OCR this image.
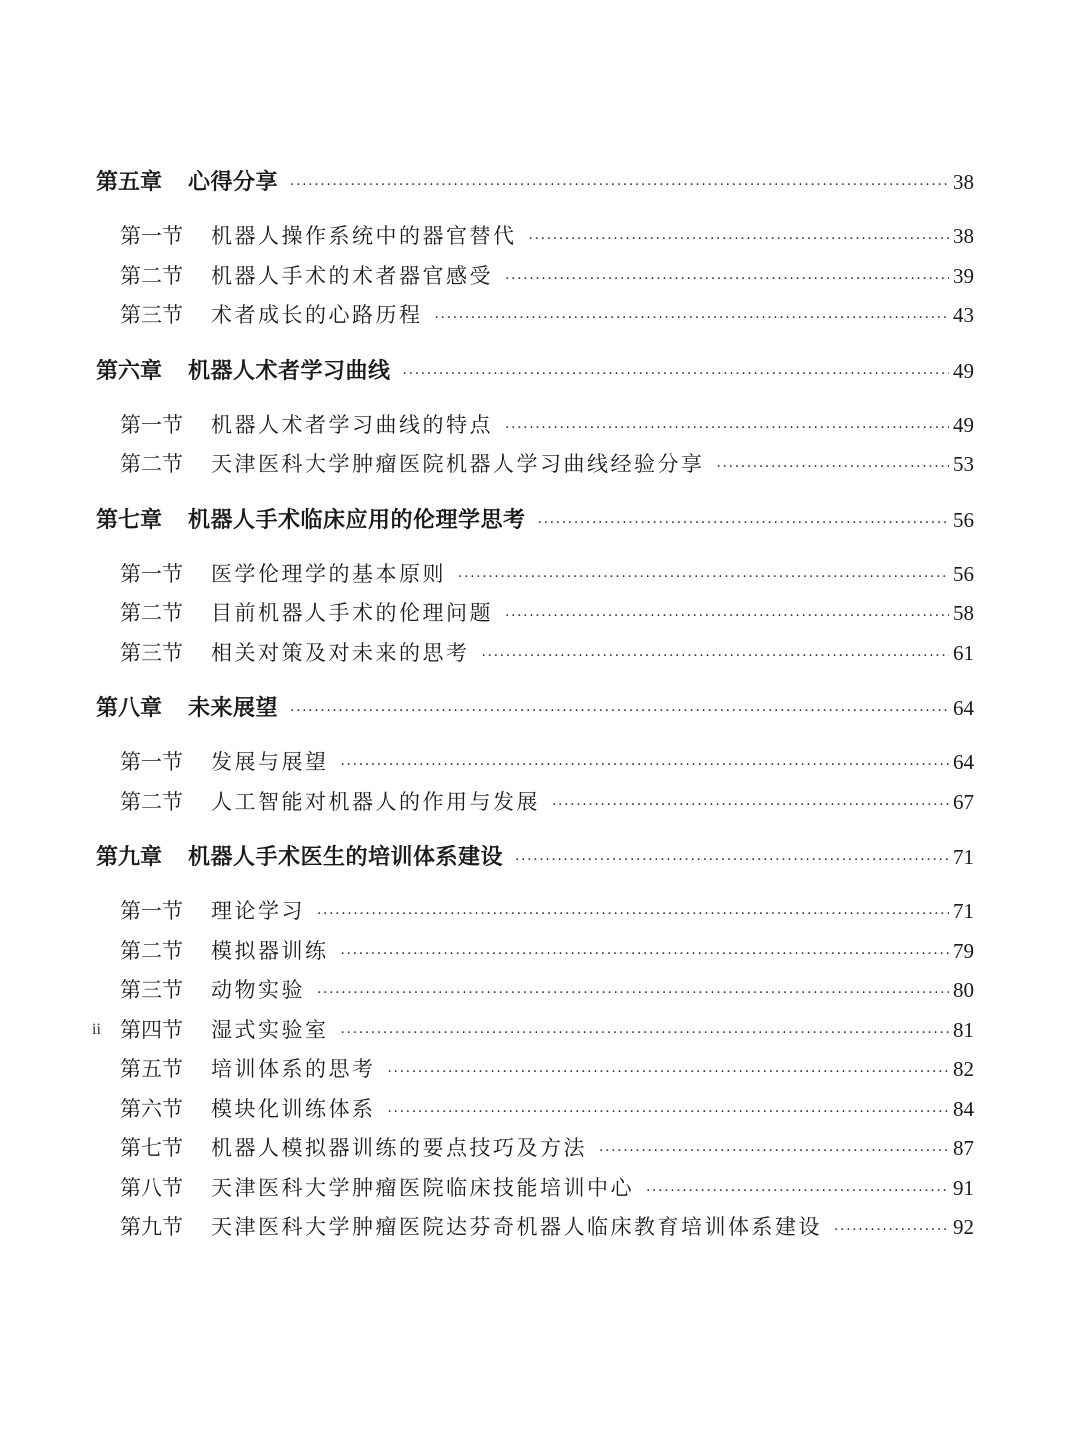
第五章	心得分享 ·····	38
第一节	机器人操作系统中的器官替代 ·····	38
第二节	机器人手术的术者器官感受 ·····	39
第三节	术者成长的心路历程 ·····	43
第六章	机器人术者学习曲线 ·····	49
第一节	机器人术者学习曲线的特点 ·····	49
第二节	天津医科大学肿瘤医院机器人学习曲线经验分享 ·····	53
第七章	机器人手术临床应用的伦理学思考 ·····	56
第一节	医学伦理学的基本原则 ·····	56
第二节	目前机器人手术的伦理问题 ·····	58
第三节	相关对策及对未来的思考 ·····	61
第八章	未来展望 ·····	64
第一节	发展与展望 ·····	64
第二节	人工智能对机器人的作用与发展 ·····	67
第九章	机器人手术医生的培训体系建设 ·····	71
第一节	理论学习 ·····	71
第二节	模拟器训练 ·····	79
第三节	动物实验 ·····	80
第四节	湿式实验室 ·····	81
第五节	培训体系的思考 ·····	82
第六节	模块化训练体系 ·····	84
第七节	机器人模拟器训练的要点技巧及方法 ·····	87
第八节	天津医科大学肿瘤医院临床技能培训中心 ·····	91
第九节	天津医科大学肿瘤医院达芬奇机器人临床教育培训体系建设 ·····	92
ii
